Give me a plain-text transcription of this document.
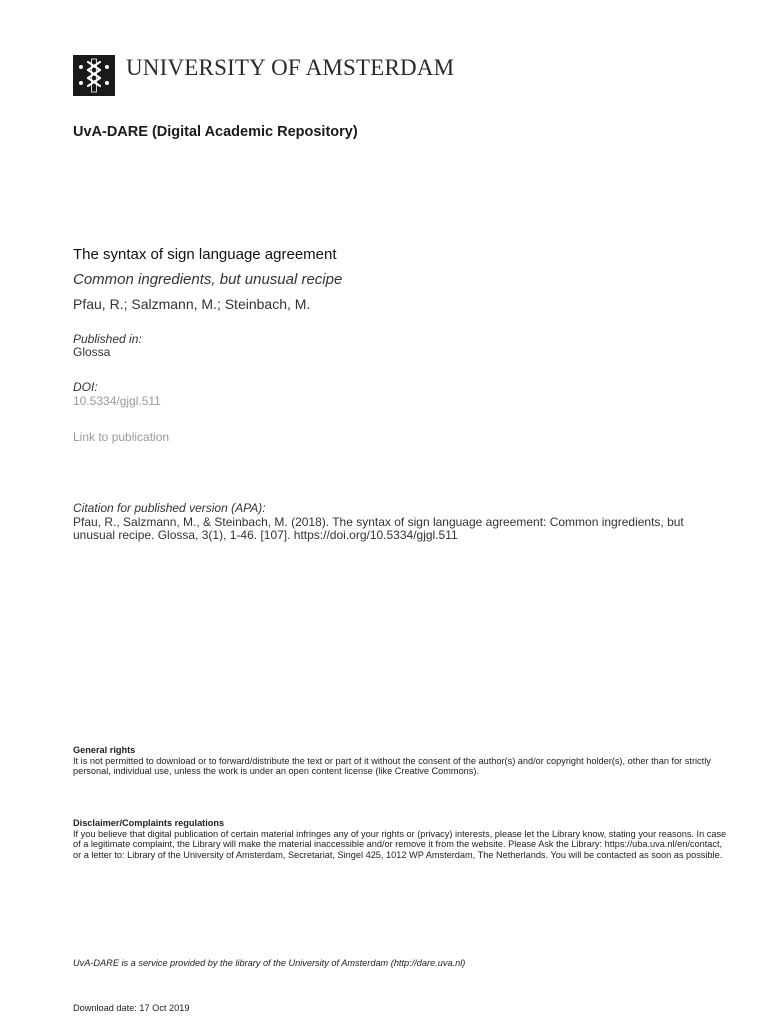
UNIVERSITY OF AMSTERDAM
UvA-DARE (Digital Academic Repository)
The syntax of sign language agreement
Common ingredients, but unusual recipe
Pfau, R.; Salzmann, M.; Steinbach, M.
Published in:
Glossa
DOI:
10.5334/gjgl.511
Link to publication
Citation for published version (APA):
Pfau, R., Salzmann, M., & Steinbach, M. (2018). The syntax of sign language agreement: Common ingredients, but unusual recipe. Glossa, 3(1), 1-46. [107]. https://doi.org/10.5334/gjgl.511
General rights
It is not permitted to download or to forward/distribute the text or part of it without the consent of the author(s) and/or copyright holder(s), other than for strictly personal, individual use, unless the work is under an open content license (like Creative Commons).
Disclaimer/Complaints regulations
If you believe that digital publication of certain material infringes any of your rights or (privacy) interests, please let the Library know, stating your reasons. In case of a legitimate complaint, the Library will make the material inaccessible and/or remove it from the website. Please Ask the Library: https://uba.uva.nl/en/contact, or a letter to: Library of the University of Amsterdam, Secretariat, Singel 425, 1012 WP Amsterdam, The Netherlands. You will be contacted as soon as possible.
UvA-DARE is a service provided by the library of the University of Amsterdam (http://dare.uva.nl)
Download date: 17 Oct 2019
